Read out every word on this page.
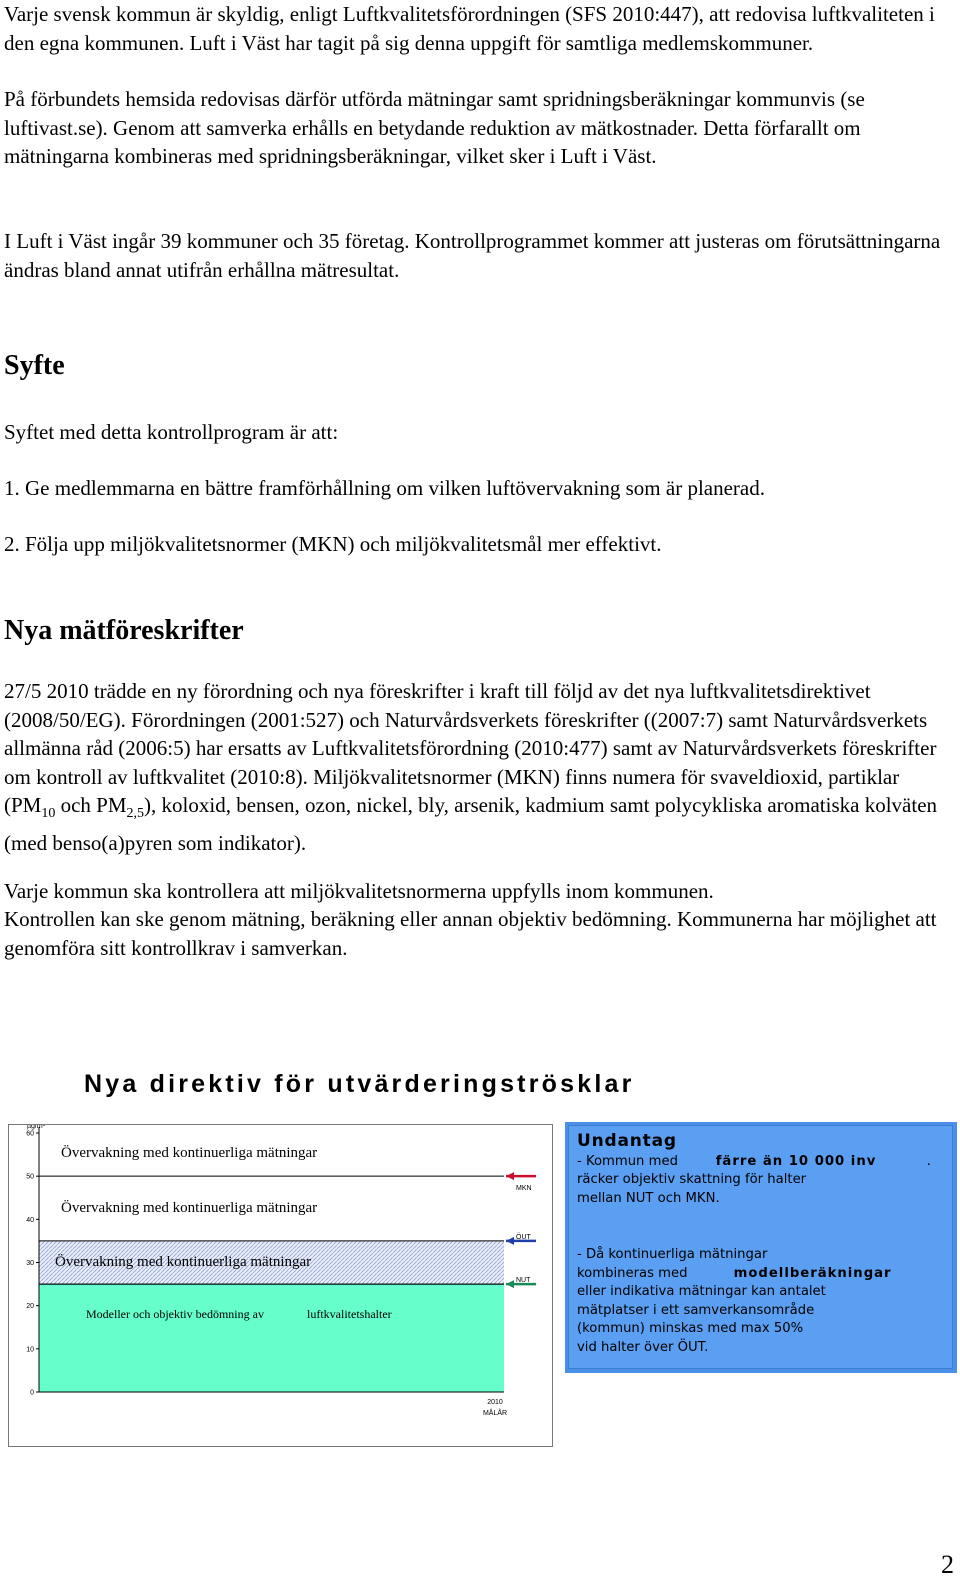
Varje svensk kommun är skyldig, enligt Luftkvalitetsförordningen (SFS 2010:447), att redovisa luftkvaliteten i den egna kommunen. Luft i Väst har tagit på sig denna uppgift för samtliga medlemskommuner.

På förbundets hemsida redovisas därför utförda mätningar samt spridningsberäkningar kommunvis (se luftivast.se). Genom att samverka erhålls en betydande reduktion av mätkostnader. Detta förfarallt om mätningarna kombineras med spridningsberäkningar, vilket sker i Luft i Väst.

I Luft i Väst ingår 39 kommuner och 35 företag. Kontrollprogrammet kommer att justeras om förutsättningarna ändras bland annat utifrån erhållna mätresultat.

Syfte

Syftet med detta kontrollprogram är att:

1. Ge medlemmarna en bättre framförhållning om vilken luftövervakning som är planerad.

2. Följa upp miljökvalitetsnormer (MKN) och miljökvalitetsmål mer effektivt.

Nya mätföreskrifter

27/5 2010 trädde en ny förordning och nya föreskrifter i kraft till följd av det nya luftkvalitetsdirektivet (2008/50/EG). Förordningen (2001:527) och Naturvårdsverkets föreskrifter ((2007:7) samt Naturvårdsverkets allmänna råd (2006:5) har ersatts av Luftkvalitetsförordning (2010:477) samt av Naturvårdsverkets föreskrifter om kontroll av luftkvalitet (2010:8). Miljökvalitetsnormer (MKN) finns numera för svaveldioxid, partiklar ($PM_{10}$ och $PM_{2,5}$), koloxid, bensen, ozon, nickel, bly, arsenik, kadmium samt polycykliska aromatiska kolväten (med benso(a)pyren som indikator).

Varje kommun ska kontrollera att miljökvalitetsnormerna uppfylls inom kommunen.

Kontrollen kan ske genom mätning, beräkning eller annan objektiv bedömning. Kommunerna har möjlighet att genomföra sitt kontrollkrav i samverkan.

Nya direktiv för utvärderingströsklar
MKN
ÖUT
NUT
60
50
40
30
20
10
0
µg/m³
2010
MÅLÅR
Övervakning med kontinuerliga mätningar
Övervakning med kontinuerliga mätningar
Övervakning med kontinuerliga mätningar
Modeller och objektiv bedömning av	luftkvalitetshalter

Undantag

- Kommun med	färre än 10 000 inv	.

räcker objektiv skattning för halter

mellan NUT och MKN.

- Då kontinuerliga mätningar

kombineras med	modellberäkningar

eller indikativa mätningar kan antalet

mätplatser i ett samverkansområde

(kommun) minskas med max 50%

vid halter över ÖUT.

2
